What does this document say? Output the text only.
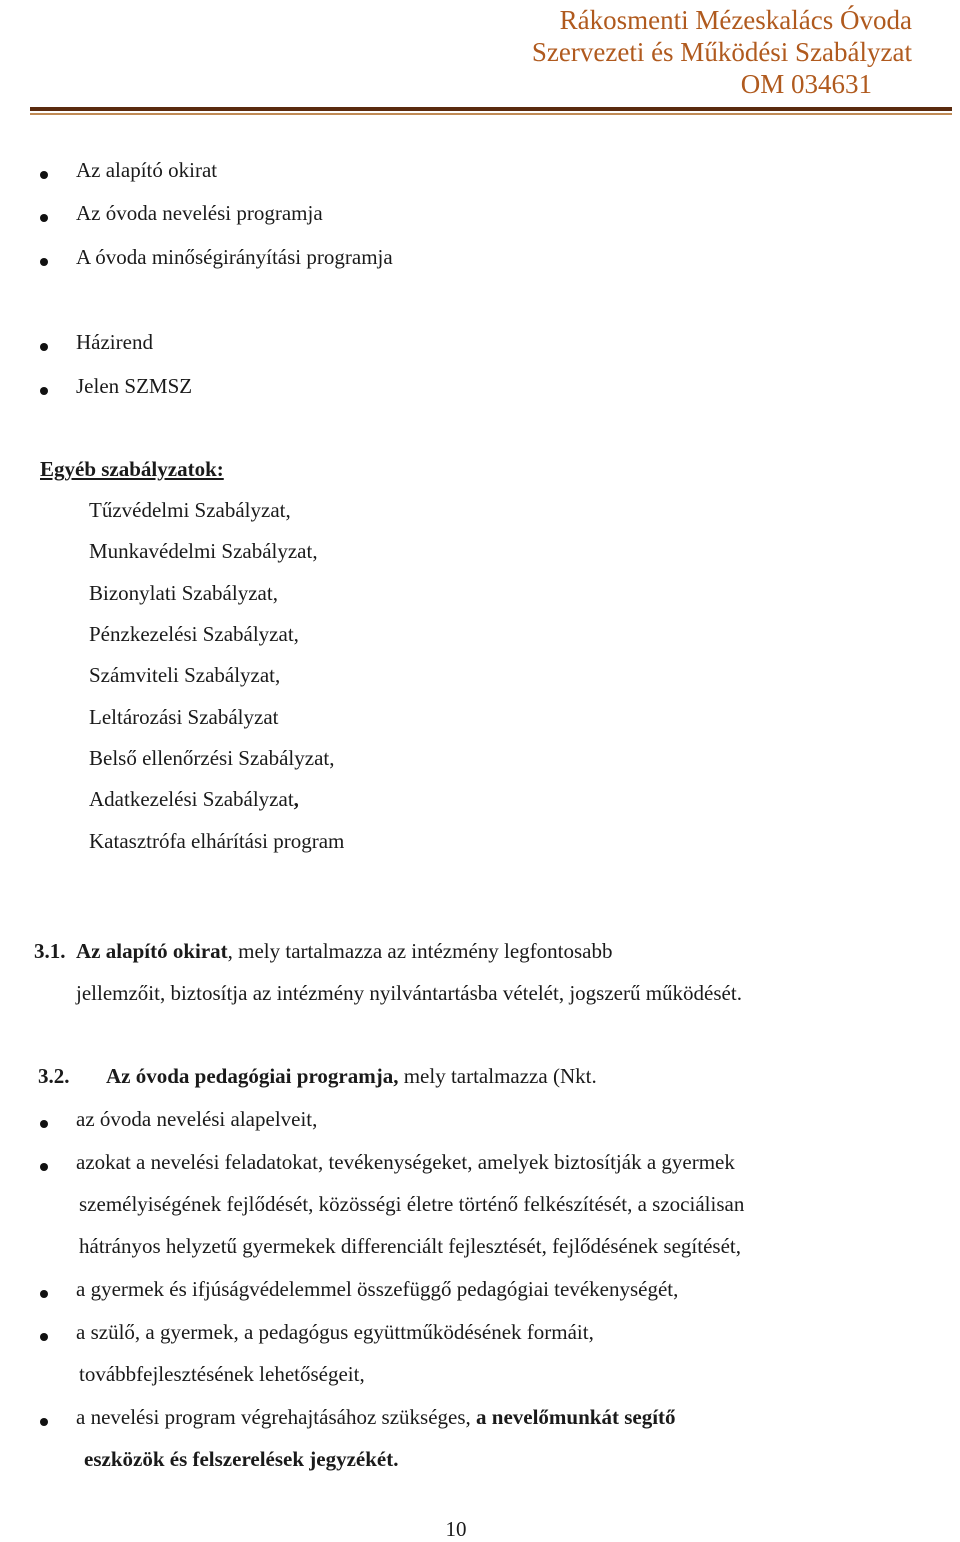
Rákosmenti Mézeskalács Óvoda
Szervezeti és Működési Szabályzat
OM 034631
Az alapító okirat
Az óvoda nevelési programja
A óvoda minőségirányítási programja
Házirend
Jelen SZMSZ
Egyéb szabályzatok:
Tűzvédelmi Szabályzat,
Munkavédelmi Szabályzat,
Bizonylati Szabályzat,
Pénzkezelési Szabályzat,
Számviteli Szabályzat,
Leltározási Szabályzat
Belső ellenőrzési Szabályzat,
Adatkezelési Szabályzat,
Katasztrófa elhárítási program
3.1. Az alapító okirat, mely tartalmazza az intézmény legfontosabb
jellemzőit, biztosítja az intézmény nyilvántartásba vételét, jogszerű működését.
3.2. Az óvoda pedagógiai programja, mely tartalmazza (Nkt.
az óvoda nevelési alapelveit,
azokat a nevelési feladatokat, tevékenységeket, amelyek biztosítják a gyermek
személyiségének fejlődését, közösségi életre történő felkészítését, a szociálisan
hátrányos helyzetű gyermekek differenciált fejlesztését, fejlődésének segítését,
a gyermek és ifjúságvédelemmel összefüggő pedagógiai tevékenységét,
a szülő, a gyermek, a pedagógus együttműködésének formáit,
továbbfejlesztésének lehetőségeit,
a nevelési program végrehajtásához szükséges, a nevelőmunkát segítő
eszközök és felszerelések jegyzékét.
10
